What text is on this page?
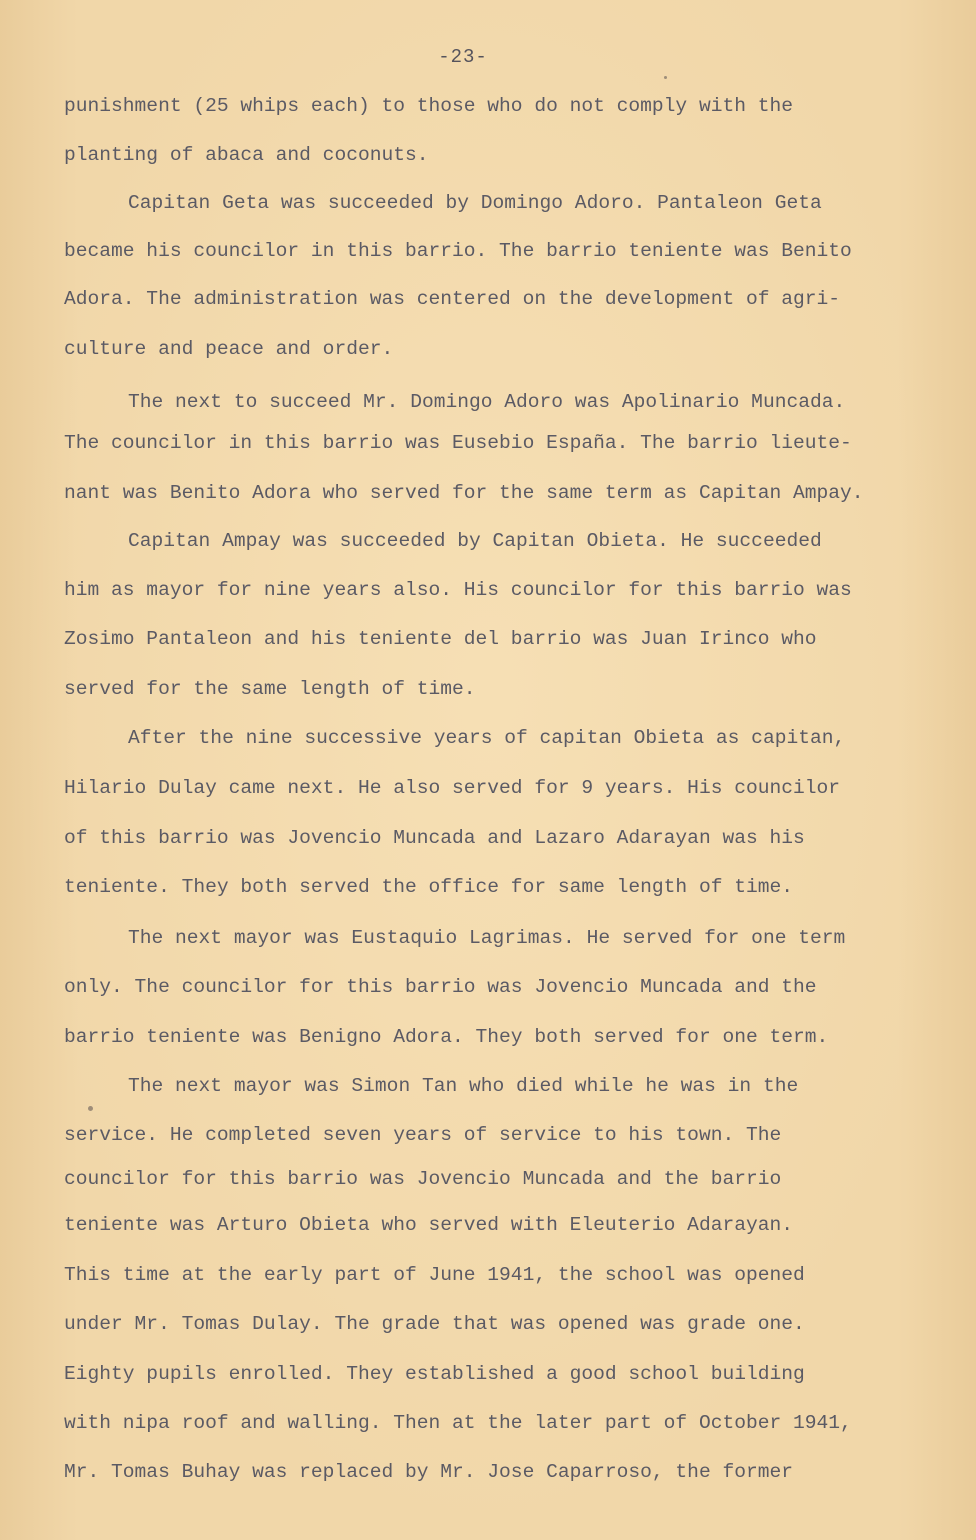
-23-
punishment (25 whips each) to those who do not comply with the
planting of abaca and coconuts.
Capitan Geta was succeeded by Domingo Adoro. Pantaleon Geta
became his councilor in this barrio. The barrio teniente was Benito
Adora. The administration was centered on the development of agri-
culture and peace and order.
The next to succeed Mr. Domingo Adoro was Apolinario Muncada.
The councilor in this barrio was Eusebio España. The barrio lieute-
nant was Benito Adora who served for the same term as Capitan Ampay.
Capitan Ampay was succeeded by Capitan Obieta. He succeeded
him as mayor for nine years also. His councilor for this barrio was
Zosimo Pantaleon and his teniente del barrio was Juan Irinco who
served for the same length of time.
After the nine successive years of capitan Obieta as capitan,
Hilario Dulay came next. He also served for 9 years. His councilor
of this barrio was Jovencio Muncada and Lazaro Adarayan was his
teniente. They both served the office for same length of time.
The next mayor was Eustaquio Lagrimas. He served for one term
only. The councilor for this barrio was Jovencio Muncada and the
barrio teniente was Benigno Adora. They both served for one term.
The next mayor was Simon Tan who died while he was in the
service. He completed seven years of service to his town. The
councilor for this barrio was Jovencio Muncada and the barrio
teniente was Arturo Obieta who served with Eleuterio Adarayan.
This time at the early part of June 1941, the school was opened
under Mr. Tomas Dulay. The grade that was opened was grade one.
Eighty pupils enrolled. They established a good school building
with nipa roof and walling. Then at the later part of October 1941,
Mr. Tomas Buhay was replaced by Mr. Jose Caparroso, the former
